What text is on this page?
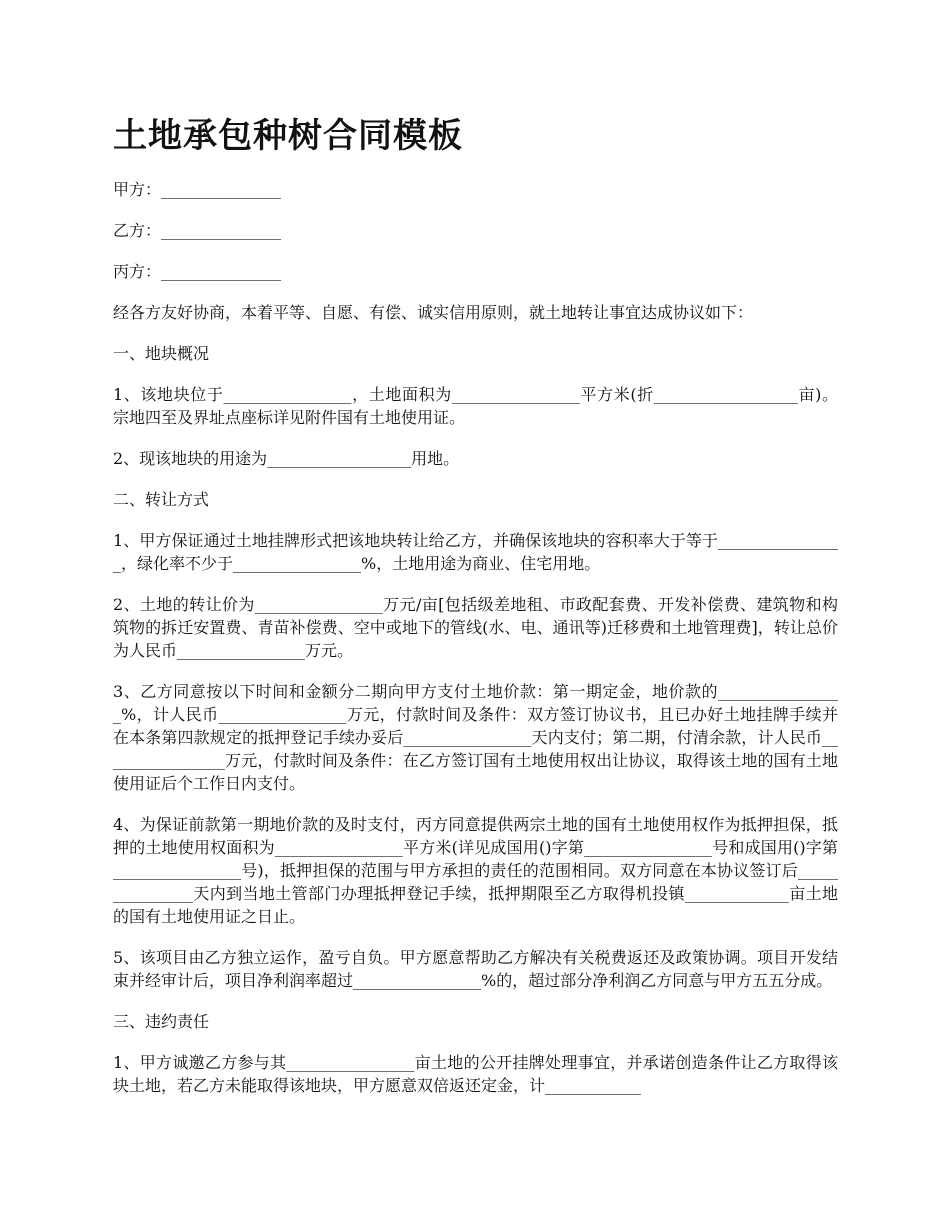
土地承包种树合同模板

甲方：_______________

乙方：_______________

丙方：_______________

经各方友好协商，本着平等、自愿、有偿、诚实信用原则，就土地转让事宜达成协议如下：

一、地块概况

1、该地块位于________________，土地面积为________________平方米(折__________________亩)。宗地四至及界址点座标详见附件国有土地使用证。

2、现该地块的用途为__________________用地。

二、转让方式

1、甲方保证通过土地挂牌形式把该地块转让给乙方，并确保该地块的容积率大于等于________________，绿化率不少于________________%，土地用途为商业、住宅用地。

2、土地的转让价为________________万元/亩[包括级差地租、市政配套费、开发补偿费、建筑物和构筑物的拆迁安置费、青苗补偿费、空中或地下的管线(水、电、通讯等)迁移费和土地管理费]，转让总价为人民币________________万元。

3、乙方同意按以下时间和金额分二期向甲方支付土地价款：第一期定金，地价款的________________%，计人民币________________万元，付款时间及条件：双方签订协议书，且已办好土地挂牌手续并在本条第四款规定的抵押登记手续办妥后________________天内支付；第二期，付清余款，计人民币________________万元，付款时间及条件：在乙方签订国有土地使用权出让协议，取得该土地的国有土地使用证后个工作日内支付。

4、为保证前款第一期地价款的及时支付，丙方同意提供两宗土地的国有土地使用权作为抵押担保，抵押的土地使用权面积为________________平方米(详见成国用()字第________________号和成国用()字第________________号)，抵押担保的范围与甲方承担的责任的范围相同。双方同意在本协议签订后_______________天内到当地土管部门办理抵押登记手续，抵押期限至乙方取得机投镇_____________亩土地的国有土地使用证之日止。

5、该项目由乙方独立运作，盈亏自负。甲方愿意帮助乙方解决有关税费返还及政策协调。项目开发结束并经审计后，项目净利润率超过________________%的，超过部分净利润乙方同意与甲方五五分成。

三、违约责任

1、甲方诚邀乙方参与其________________亩土地的公开挂牌处理事宜，并承诺创造条件让乙方取得该块土地，若乙方未能取得该地块，甲方愿意双倍返还定金，计____________
